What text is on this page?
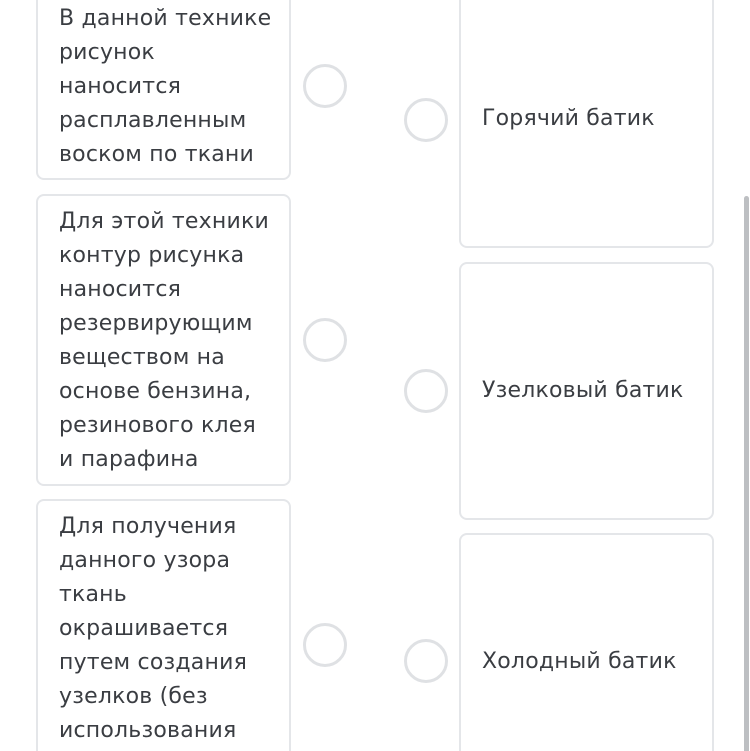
В данной технике
рисунок
наносится
расплавленным
воском по ткани
Для этой техники
контур рисунка
наносится
резервирующим
веществом на
основе бензина,
резинового клея
и парафина
Для получения
данного узора
ткань
окрашивается
путем создания
узелков (без
использования
Горячий батик
Узелковый батик
Холодный батик
